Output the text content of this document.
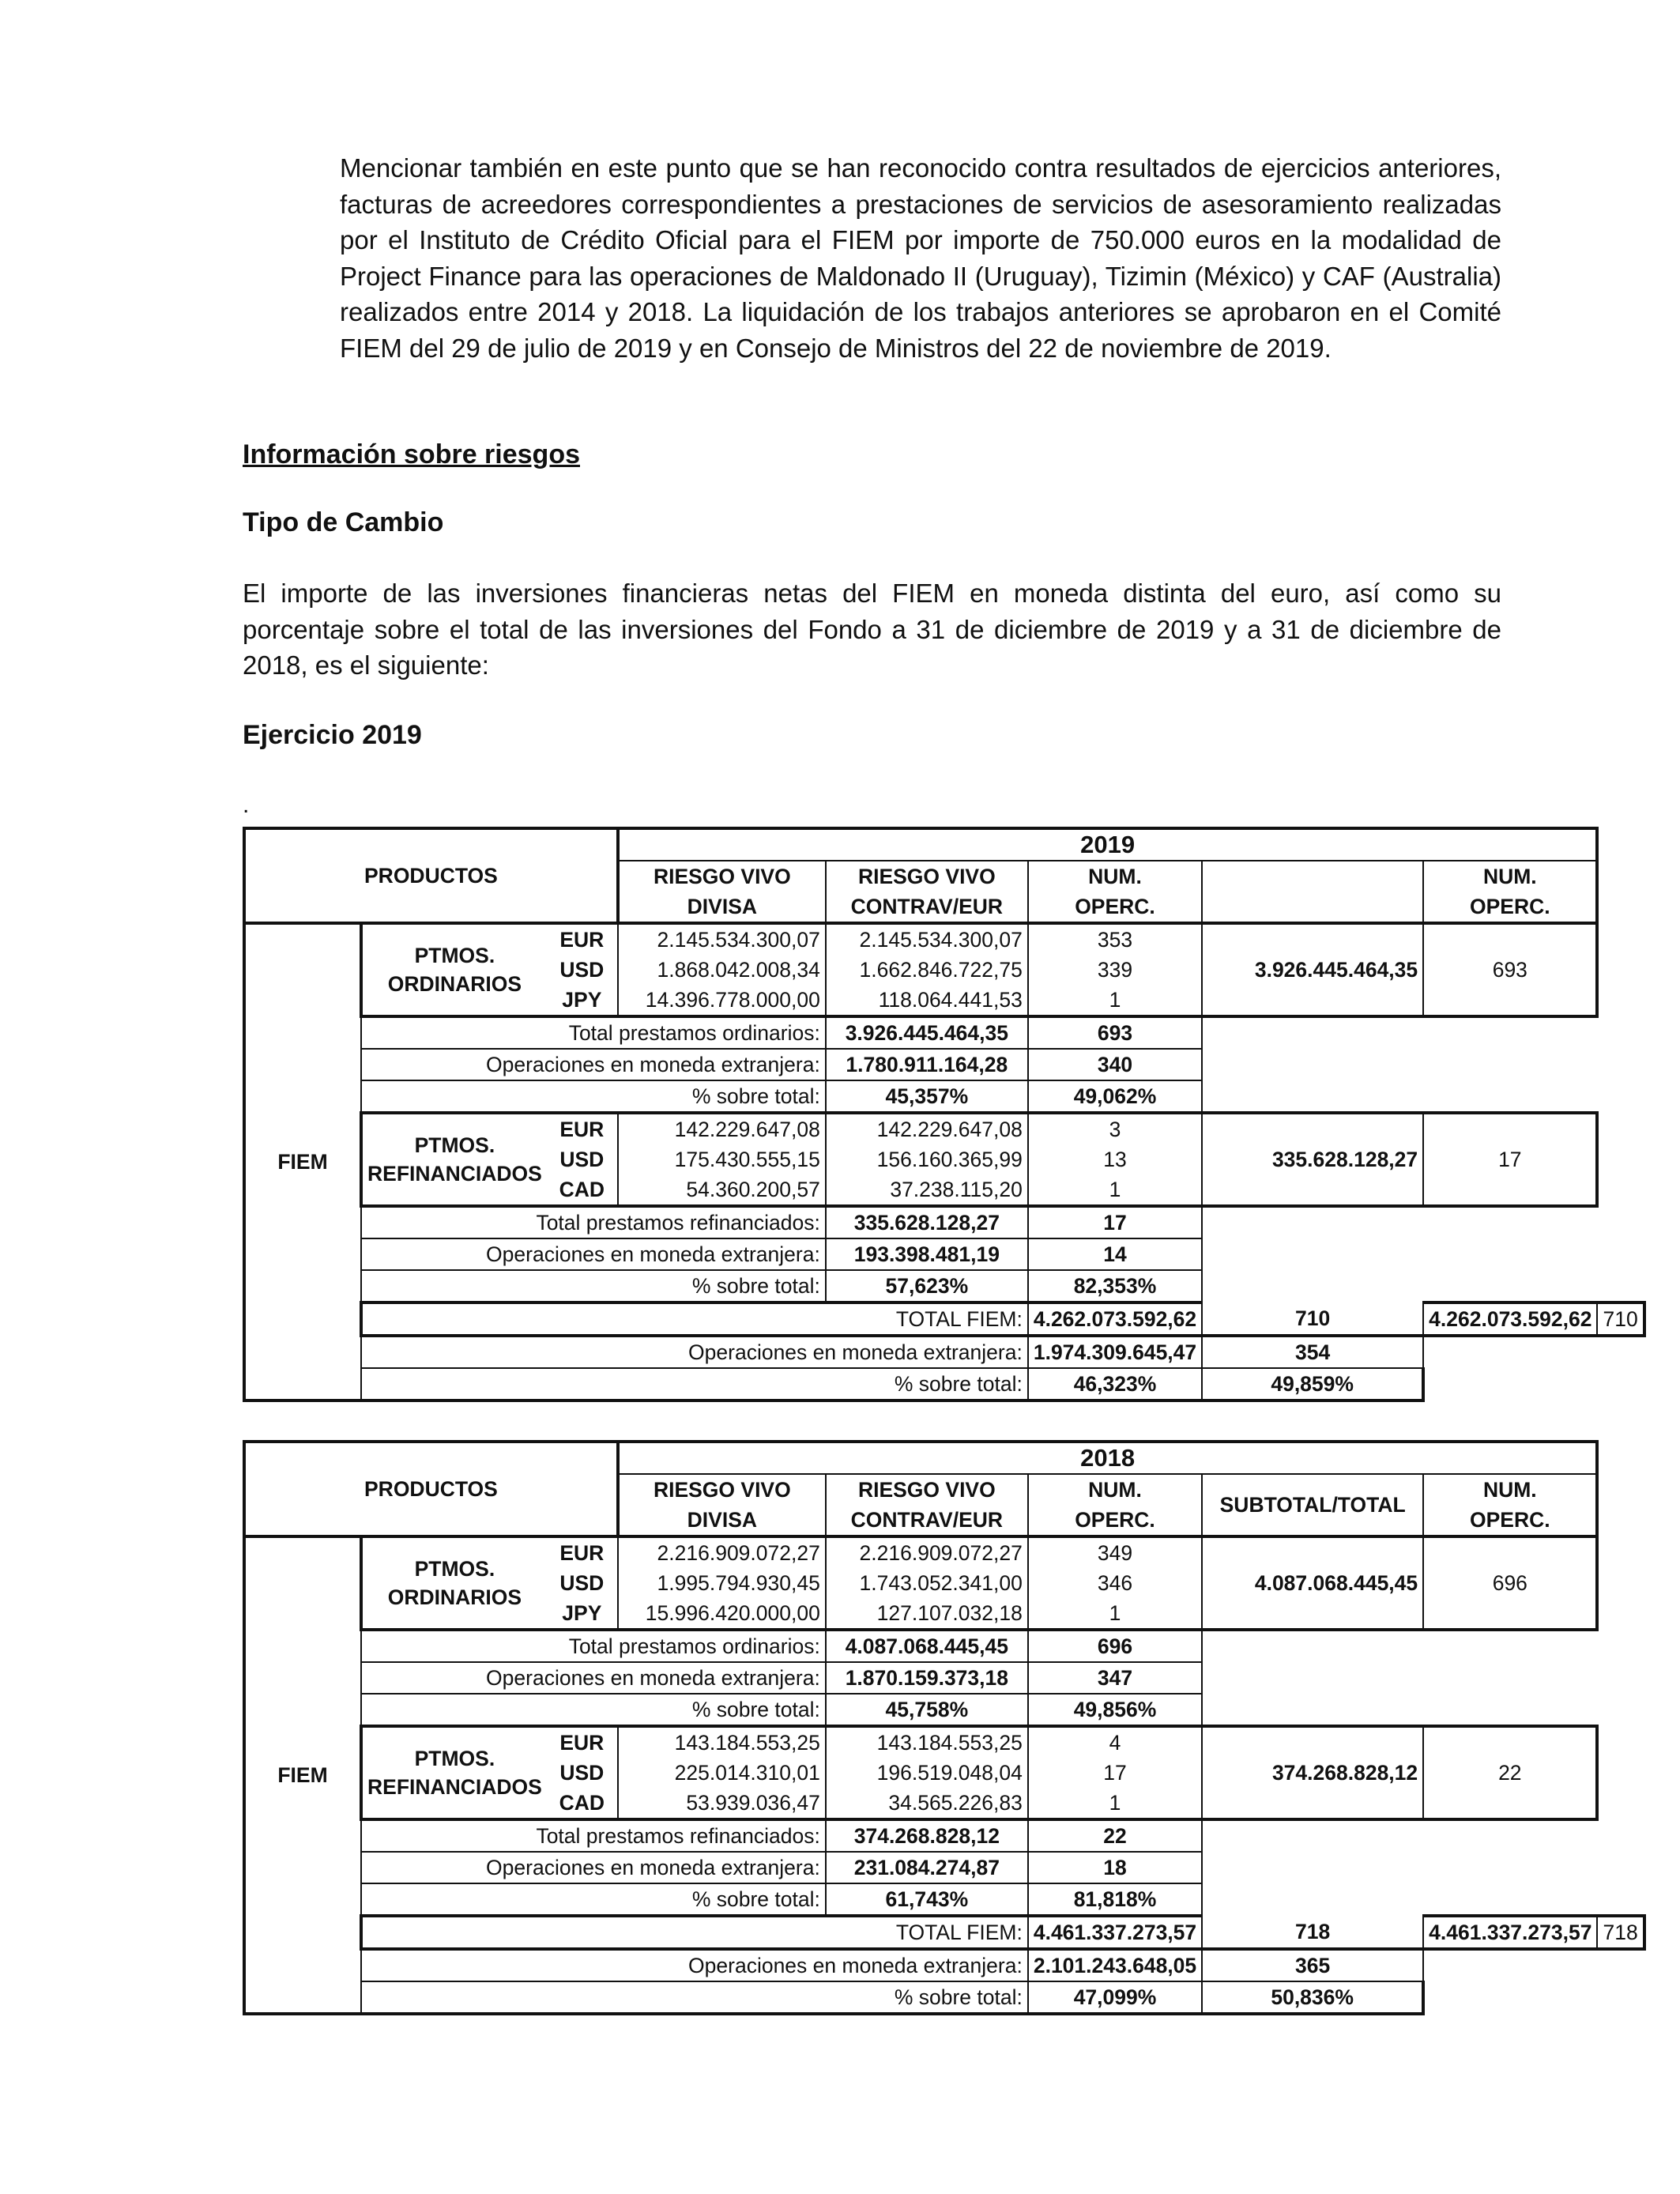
Mencionar también en este punto que se han reconocido contra resultados de ejercicios anteriores, facturas de acreedores correspondientes a prestaciones de servicios de asesoramiento realizadas por el Instituto de Crédito Oficial para el FIEM por importe de 750.000 euros en la modalidad de Project Finance para las operaciones de Maldonado II (Uruguay), Tizimin (México) y CAF (Australia) realizados entre 2014 y 2018. La liquidación de los trabajos anteriores se aprobaron en el Comité FIEM del 29 de julio de 2019 y en Consejo de Ministros del 22 de noviembre de 2019.

Información sobre riesgos

Tipo de Cambio

El importe de las inversiones financieras netas del FIEM en moneda distinta del euro, así como su porcentaje sobre el total de las inversiones del Fondo a 31 de diciembre de 2019 y a 31 de diciembre de 2018, es el siguiente:

Ejercicio 2019

.
PRODUCTOS			2019					
			RIESGO VIVO	RIESGO VIVO	NUM.		NUM.	
			DIVISA	CONTRAV/EUR	OPERC.		OPERC.	
FIEM	PTMOS.
ORDINARIOS	EUR	2.145.534.300,07	2.145.534.300,07	353	3.926.445.464,35	693	
		USD	1.868.042.008,34	1.662.846.722,75	339			
		JPY	14.396.778.000,00	118.064.441,53	1			
	Total prestamos ordinarios:			3.926.445.464,35	693			
	Operaciones en moneda extranjera:			1.780.911.164,28	340			
	% sobre total:			45,357%	49,062%			
	PTMOS.
REFINANCIADOS	EUR	142.229.647,08	142.229.647,08	3	335.628.128,27	17	
		USD	175.430.555,15	156.160.365,99	13			
		CAD	54.360.200,57	37.238.115,20	1			
	Total prestamos refinanciados:			335.628.128,27	17			
	Operaciones en moneda extranjera:			193.398.481,19	14			
	% sobre total:			57,623%	82,353%			
	TOTAL FIEM:				4.262.073.592,62	710	4.262.073.592,62	710
	Operaciones en moneda extranjera:				1.974.309.645,47	354		
	% sobre total:				46,323%	49,859%		
PRODUCTOS			2018					
			RIESGO VIVO	RIESGO VIVO	NUM.	SUBTOTAL/TOTAL	NUM.	
			DIVISA	CONTRAV/EUR	OPERC.		OPERC.	
FIEM	PTMOS.
ORDINARIOS	EUR	2.216.909.072,27	2.216.909.072,27	349	4.087.068.445,45	696	
		USD	1.995.794.930,45	1.743.052.341,00	346			
		JPY	15.996.420.000,00	127.107.032,18	1			
	Total prestamos ordinarios:			4.087.068.445,45	696			
	Operaciones en moneda extranjera:			1.870.159.373,18	347			
	% sobre total:			45,758%	49,856%			
	PTMOS.
REFINANCIADOS	EUR	143.184.553,25	143.184.553,25	4	374.268.828,12	22	
		USD	225.014.310,01	196.519.048,04	17			
		CAD	53.939.036,47	34.565.226,83	1			
	Total prestamos refinanciados:			374.268.828,12	22			
	Operaciones en moneda extranjera:			231.084.274,87	18			
	% sobre total:			61,743%	81,818%			
	TOTAL FIEM:				4.461.337.273,57	718	4.461.337.273,57	718
	Operaciones en moneda extranjera:				2.101.243.648,05	365		
	% sobre total:				47,099%	50,836%		
